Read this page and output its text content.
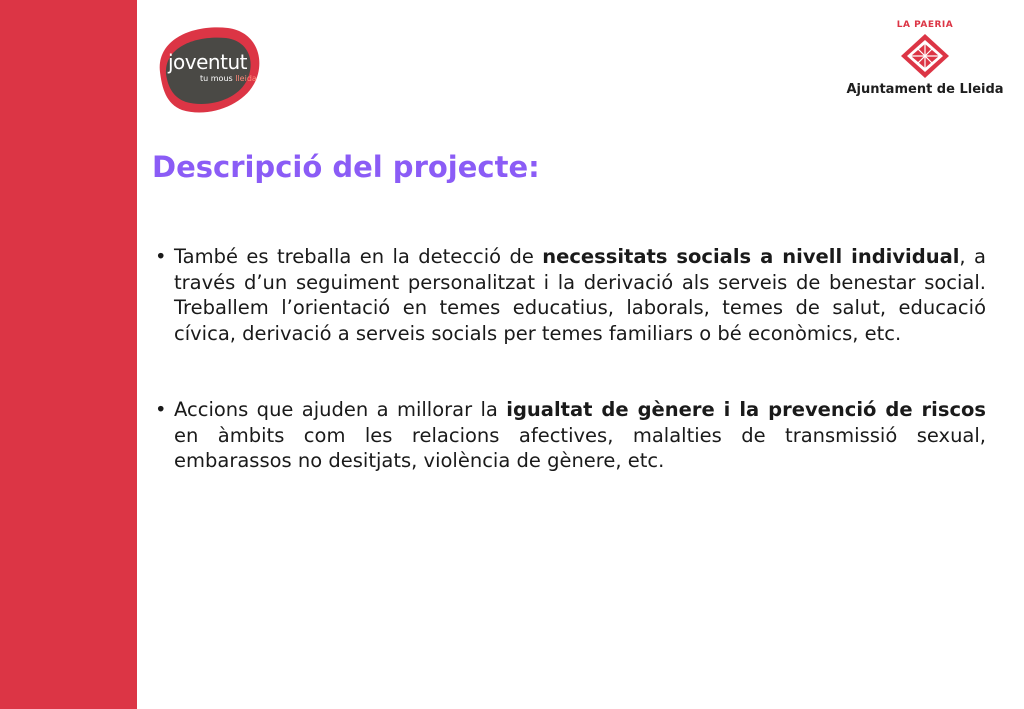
joventut
tu mous lleida
LA PAERIA
Ajuntament de Lleida
Descripció del projecte:
• També es treballa en la detecció de necessitats socials a nivell individual, a través d’un seguiment personalitzat i la derivació als serveis de benestar social. Treballem l’orientació en temes educatius, laborals, temes de salut, educació cívica, derivació a serveis socials per temes familiars o bé econòmics, etc.
• Accions que ajuden a millorar la igualtat de gènere i la prevenció de riscos en àmbits com les relacions afectives, malalties de transmissió sexual, embarassos no desitjats, violència de gènere, etc.
